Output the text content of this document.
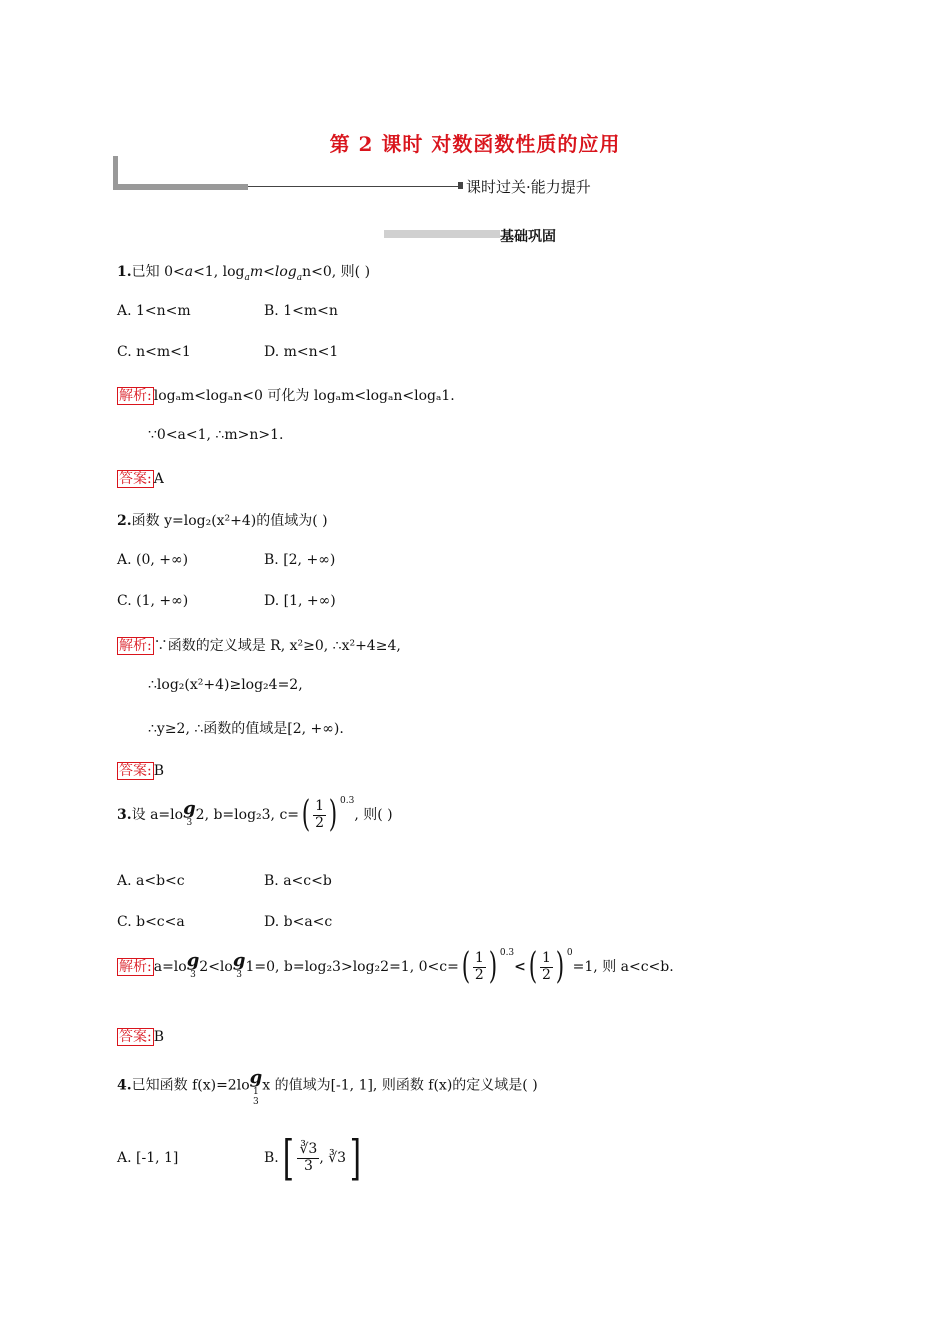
第 2 课时 对数函数性质的应用
课时过关·能力提升
基础巩固
1.已知 0<a<1, $\log_am<\log_an<0$, 则( )
A. 1<n<m	B. 1<m<n
C. n<m<1	D. m<n<1
解析: logₐm<logₐn<0 可化为 logₐm<logₐn<logₐ1.
∵0<a<1, ∴m>n>1.
答案: A
2.函数 y=log₂(x²+4)的值域为( )
A. (0, +∞)	B. [2, +∞)
C. (1, +∞)	D. [1, +∞)
解析: ∵函数的定义域是 R, x²≥0, ∴x²+4≥4,
∴log₂(x²+4)≥log₂4=2,
∴y≥2, ∴函数的值域是[2, +∞).
答案: B
3.设 a=lo g
3 2, b=log₂3, $c=( \frac{1}{2}$ ) $^{0.3}$, 则( )
A. a<b<c	B. a<c<b
C. b<c<a	D. b<a<c
解析: a=lo g
3 2<lo g
3 1=0, b=log₂3>log₂2=1, $0<c=( \frac{1}{2}$ ) $^{0.3}<( \frac{1}{2}$ ) $^0$=1, 则 a<c<b.
答案: B
4.已知函数 f(x)=2lo g
1
3
x 的值域为[-1, 1], 则函数 f(x)的定义域是( )
A. [-1, 1]	$B.[ \frac{∛3}{3}$ , ∛3]
